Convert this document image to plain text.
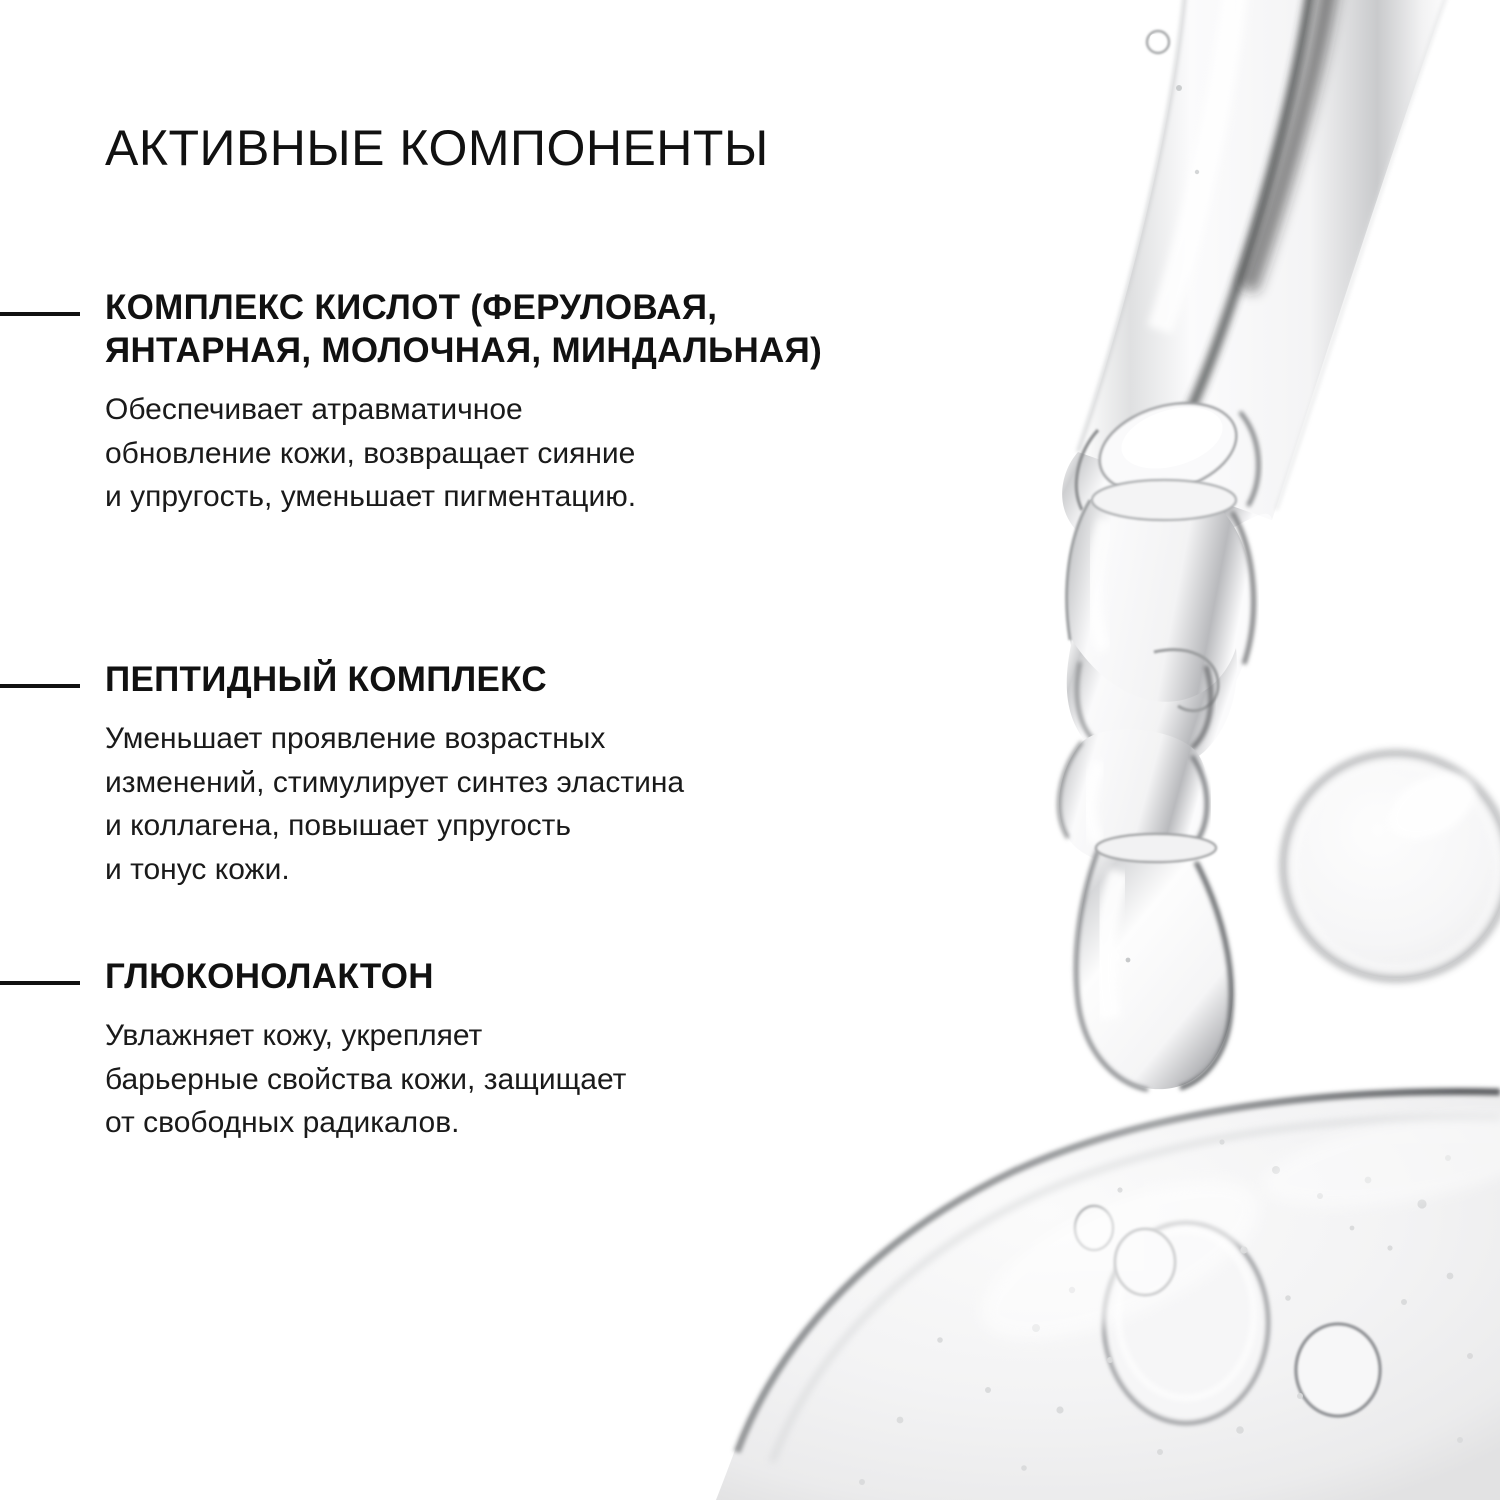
АКТИВНЫЕ КОМПОНЕНТЫ
КОМПЛЕКС КИСЛОТ (ФЕРУЛОВАЯ, ЯНТАРНАЯ, МОЛОЧНАЯ, МИНДАЛЬНАЯ)

Обеспечивает атравматичное
обновление кожи, возвращает сияние
и упругость, уменьшает пигментацию.

ПЕПТИДНЫЙ КОМПЛЕКС

Уменьшает проявление возрастных
изменений, стимулирует синтез эластина
и коллагена, повышает упругость
и тонус кожи.

ГЛЮКОНОЛАКТОН

Увлажняет кожу, укрепляет
барьерные свойства кожи, защищает
от свободных радикалов.
